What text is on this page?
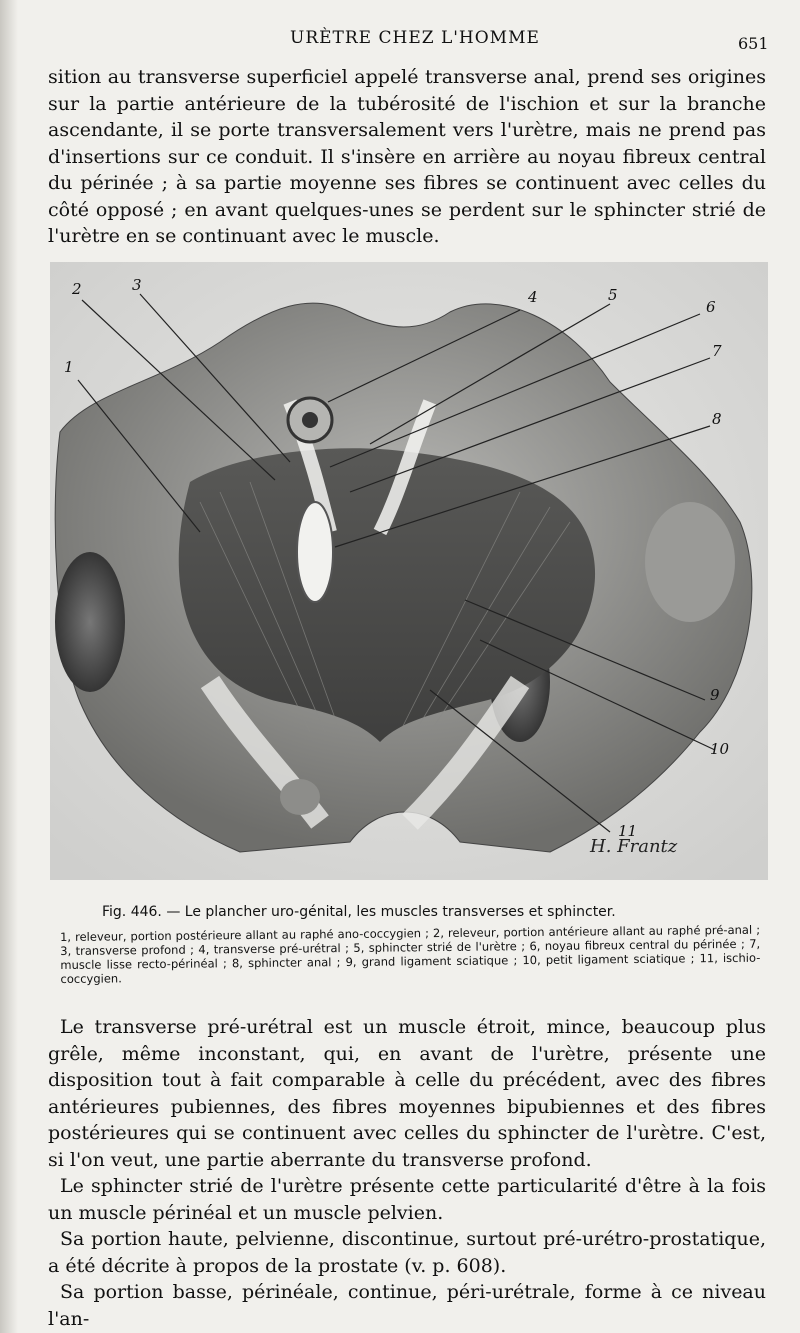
URÈTRE CHEZ L'HOMME	651

sition au transverse superficiel appelé transverse anal, prend ses origines sur la partie antérieure de la tubérosité de l'ischion et sur la branche ascendante, il se porte transversalement vers l'urètre, mais ne prend pas d'insertions sur ce conduit. Il s'insère en arrière au noyau fibreux central du périnée ; à sa partie moyenne ses fibres se continuent avec celles du côté opposé ; en avant quelques-unes se perdent sur le sphincter strié de l'urètre en se continuant avec le muscle.

1
2	3
4	5
6
7
8
9
10
11
H. Frantz
Fig. 446. — Le plancher uro-génital, les muscles transverses et sphincter.
1, releveur, portion postérieure allant au raphé ano-coccygien ; 2, releveur, portion antérieure allant au raphé pré-anal ; 3, transverse profond ; 4, transverse pré-urétral ; 5, sphincter strié de l'urètre ; 6, noyau fibreux central du périnée ; 7, muscle lisse recto-périnéal ; 8, sphincter anal ; 9, grand ligament sciatique ; 10, petit ligament sciatique ; 11, ischio-coccygien.

Le transverse pré-urétral est un muscle étroit, mince, beaucoup plus grêle, même inconstant, qui, en avant de l'urètre, présente une disposition tout à fait comparable à celle du précédent, avec des fibres antérieures pubiennes, des fibres moyennes bipubiennes et des fibres postérieures qui se continuent avec celles du sphincter de l'urètre. C'est, si l'on veut, une partie aberrante du transverse profond.

Le sphincter strié de l'urètre présente cette particularité d'être à la fois un muscle périnéal et un muscle pelvien.

Sa portion haute, pelvienne, discontinue, surtout pré-urétro-prostatique, a été décrite à propos de la prostate (v. p. 608).

Sa portion basse, périnéale, continue, péri-urétrale, forme à ce niveau l'an-
